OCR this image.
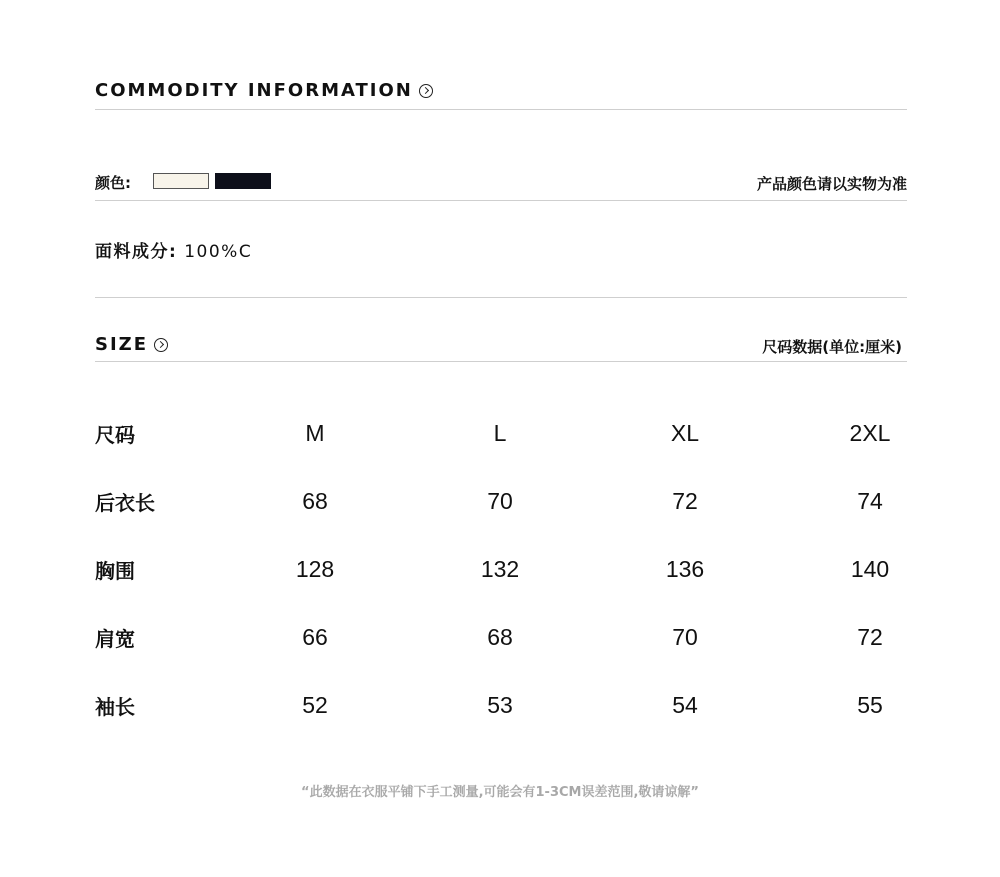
COMMODITY INFORMATION
颜色:	产品颜色请以实物为准
面料成分: 100%C
SIZE	尺码数据(单位:厘米)
尺码	M	L	XL	2XL
后衣长	68	70	72	74
胸围	128	132	136	140
肩宽	66	68	70	72
袖长	52	53	54	55
“此数据在衣服平铺下手工测量,可能会有1-3CM误差范围,敬请谅解”
